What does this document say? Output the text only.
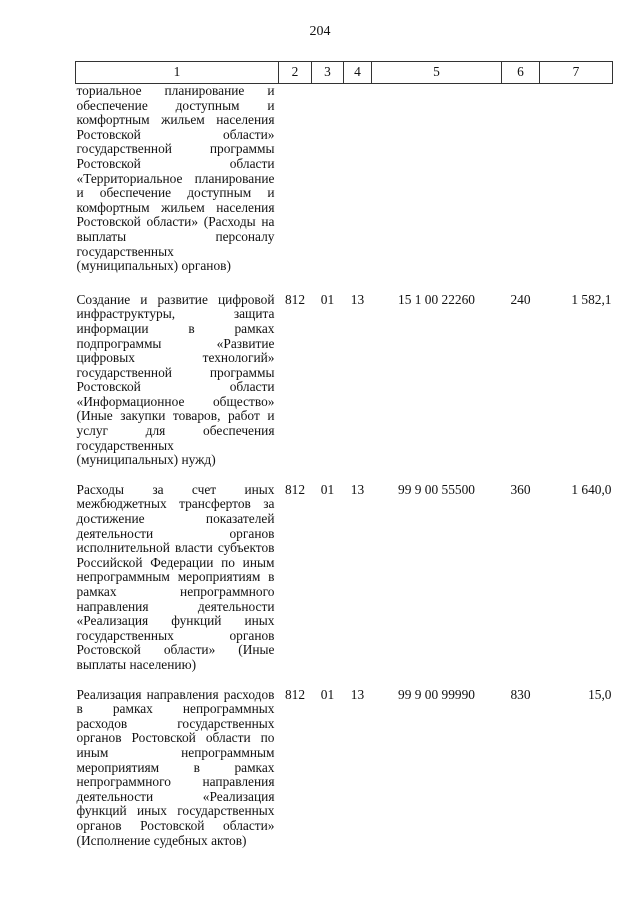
204
1	2	3	4	5	6	7
ториальное планирование и обеспечение доступным и комфортным жильем населения Ростовской области» государственной программы Ростовской области «Территориальное планирование и обеспечение доступным и комфортным жильем населения Ростовской области» (Расходы на выплаты персоналу государственных (муниципальных) органов)						
Создание и развитие цифровой инфраструктуры, защита информации в рамках подпрограммы «Развитие цифровых технологий» государственной программы Ростовской области «Информационное общество» (Иные закупки товаров, работ и услуг для обеспечения государственных (муниципальных) нужд)	812	01	13	15 1 00 22260	240	1 582,1
Расходы за счет иных межбюджетных трансфертов за достижение показателей деятельности органов исполнительной власти субъектов Российской Федерации по иным непрограммным мероприятиям в рамках непрограммного направления деятельности «Реализация функций иных государственных органов Ростовской области» (Иные выплаты населению)	812	01	13	99 9 00 55500	360	1 640,0
Реализация направления расходов в рамках непрограммных расходов государственных органов Ростовской области по иным непрограммным мероприятиям в рамках непрограммного направления деятельности «Реализация функций иных государственных органов Ростовской области» (Исполнение судебных актов)	812	01	13	99 9 00 99990	830	15,0
